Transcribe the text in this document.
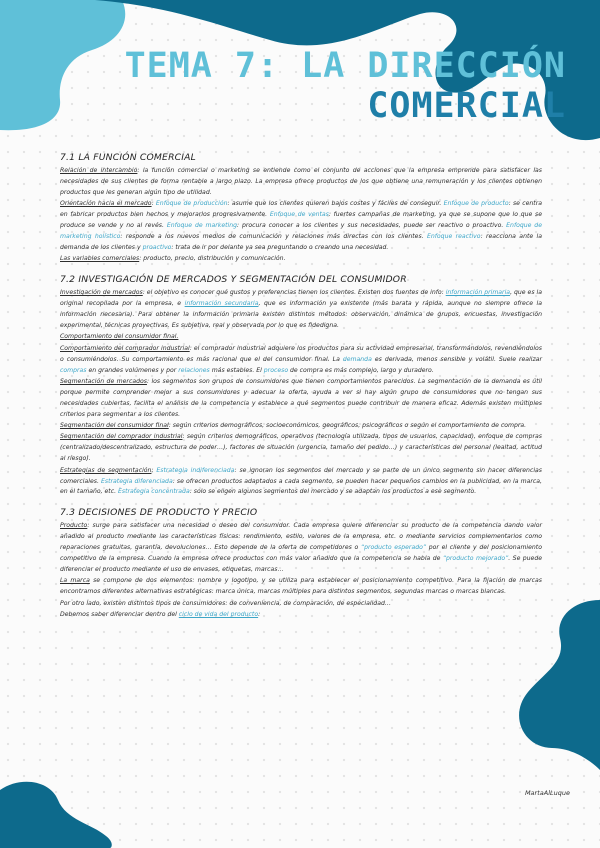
TEMA 7: LA DIRECCIÓN
COMERCIAL
7.1 LA FUNCIÓN COMERCIAL

Relación de intercambio: la función comercial o marketing se entiende como el conjunto de acciones que la empresa emprende para satisfacer las necesidades de sus clientes de forma rentable a largo plazo. La empresa ofrece productos de los que obtiene una remuneración y los clientes obtienen productos que les generan algún tipo de utilidad.

Orientación hacia el mercado: Enfoque de producción: asume que los clientes quieren bajos costes y fáciles de conseguir. Enfoque de producto: se centra en fabricar productos bien hechos y mejorarlos progresivamente. Enfoque de ventas: fuertes campañas de marketing, ya que se supone que lo que se produce se vende y no al revés. Enfoque de marketing: procura conocer a los clientes y sus necesidades, puede ser reactivo o proactivo. Enfoque de marketing holístico: responde a los nuevos medios de comunicación y relaciones más directas con los clientes. Enfoque reactivo: reacciona ante la demanda de los clientes y proactivo: trata de ir por delante ya sea preguntando o creando una necesidad.

Las variables comerciales: producto, precio, distribución y comunicación.

7.2 INVESTIGACIÓN DE MERCADOS Y SEGMENTACIÓN DEL CONSUMIDOR

Investigación de mercados: el objetivo es conocer qué gustos y preferencias tienen los clientes. Existen dos fuentes de info: información primaria, que es la original recopilada por la empresa, e información secundaria, que es información ya existente (más barata y rápida, aunque no siempre ofrece la información necesaria). Para obtener la información primaria existen distintos métodos: observación, dinámica de grupos, encuestas, investigación experimental, técnicas proyectivas. Es subjetiva, real y observada por lo que es fidedigna.

Comportamiento del consumidor final.

Comportamiento del comprador industrial: el comprador industrial adquiere los productos para su actividad empresarial, transformándolos, revendiéndolos o consumiéndolos. Su comportamiento es más racional que el del consumidor final. La demanda es derivada, menos sensible y volátil. Suele realizar compras en grandes volúmenes y por relaciones más estables. El proceso de compra es más complejo, largo y duradero.

Segmentación de mercados: los segmentos son grupos de consumidores que tienen comportamientos parecidos. La segmentación de la demanda es útil porque permite comprender mejor a sus consumidores y adecuar la oferta, ayuda a ver si hay algún grupo de consumidores que no tengan sus necesidades cubiertas, facilita el análisis de la competencia y establece a qué segmentos puede contribuir de manera eficaz. Además existen múltiples criterios para segmentar a los clientes.

Segmentación del consumidor final: según criterios demográficos, socioeconómicos, geográficos, psicográficos o según el comportamiento de compra.

Segmentación del comprador industrial: según criterios demográficos, operativos (tecnología utilizada, tipos de usuarios, capacidad), enfoque de compras (centralizado/descentralizado, estructura de poder…), factores de situación (urgencia, tamaño del pedido…) y características del personal (lealtad, actitud al riesgo).

Estrategias de segmentación: Estrategia indiferenciada: se ignoran los segmentos del mercado y se parte de un único segmento sin hacer diferencias comerciales. Estrategia diferenciada: se ofrecen productos adaptados a cada segmento, se pueden hacer pequeños cambios en la publicidad, en la marca, en el tamaño, etc. Estrategia concentrada: solo se eligen algunos segmentos del mercado y se adaptan los productos a ese segmento.

7.3 DECISIONES DE PRODUCTO Y PRECIO

Producto: surge para satisfacer una necesidad o deseo del consumidor. Cada empresa quiere diferenciar su producto de la competencia dando valor añadido al producto mediante las características físicas: rendimiento, estilo, valores de la empresa, etc. o mediante servicios complementarios como reparaciones gratuitas, garantía, devoluciones… Esto depende de la oferta de competidores o “producto esperado” por el cliente y del posicionamiento competitivo de la empresa. Cuando la empresa ofrece productos con más valor añadido que la competencia se habla de “producto mejorado”. Se puede diferenciar el producto mediante el uso de envases, etiquetas, marcas…

La marca se compone de dos elementos: nombre y logotipo, y se utiliza para establecer el posicionamiento competitivo. Para la fijación de marcas encontramos diferentes alternativas estratégicas: marca única, marcas múltiples para distintos segmentos, segundas marcas o marcas blancas.

Por otro lado, existen distintos tipos de consumidores: de conveniencia, de comparación, de especialidad…

Debemos saber diferenciar dentro del ciclo de vida del producto:

MartaAlLuque
